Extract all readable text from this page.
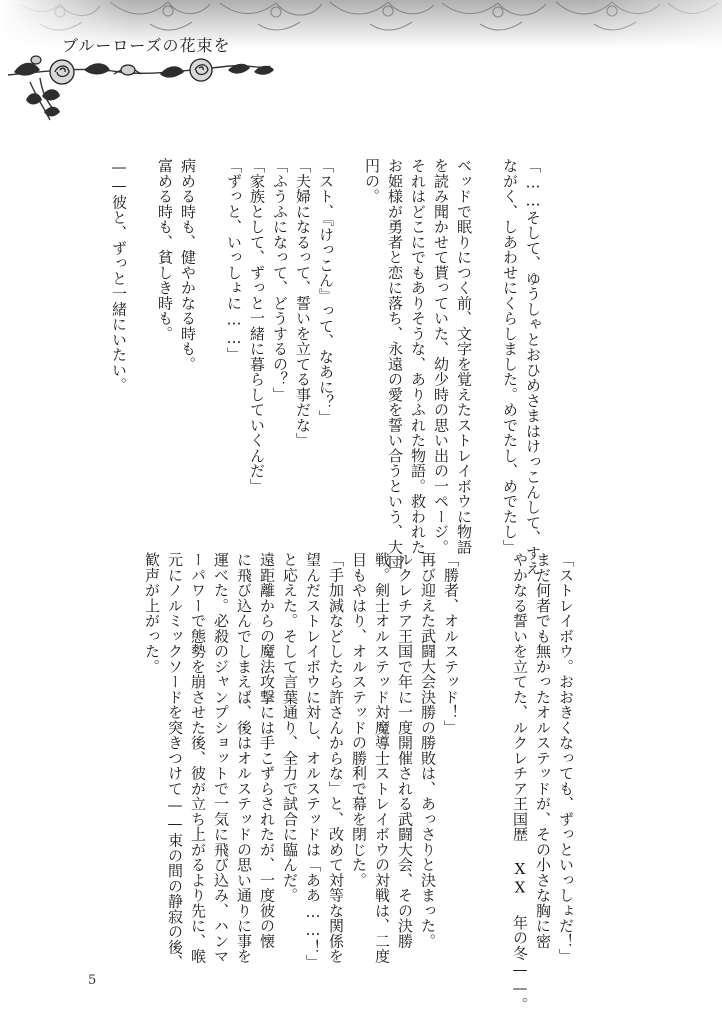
ブルーローズの花束を
「……そして、ゆうしゃとおひめさまはけっこんして、すえ
ながく、しあわせにくらしました。めでたし、めでたし」

ベッドで眠りにつく前、文字を覚えたストレイボウに物語
を読み聞かせて貰っていた、幼少時の思い出の一ページ。
それはどこにでもありそうな、ありふれた物語。救われた
お姫様が勇者と恋に落ち、永遠の愛を誓い合うという、大団
円の。

「スト、『けっこん』って、なあに？」
「夫婦になるって、誓いを立てる事だな」
「ふうふになって、どうするの？」
「家族として、ずっと一緒に暮らしていくんだ」
「ずっと、いっしょに……」

病める時も、健やかなる時も。
富める時も、貧しき時も。

——彼と、ずっと一緒にいたい。
「ストレイボウ。おおきくなっても、ずっといっしょだ！」
まだ何者でも無かったオルステッドが、その小さな胸に密
やかなる誓いを立てた、ルクレチア王国歴 XX 年の冬——。

「勝者、オルステッド！」
再び迎えた武闘大会決勝の勝敗は、あっさりと決まった。
ルクレチア王国で年に一度開催される武闘大会、その決勝
戦。剣士オルステッド対魔導士ストレイボウの対戦は、二度
目もやはり、オルステッドの勝利で幕を閉じた。
「手加減などしたら許さんからな」と、改めて対等な関係を
望んだストレイボウに対し、オルステッドは「ああ……！」
と応えた。そして言葉通り、全力で試合に臨んだ。
遠距離からの魔法攻撃には手こずらされたが、一度彼の懐
に飛び込んでしまえば、後はオルステッドの思い通りに事を
運べた。必殺のジャンプショットで一気に飛び込み、ハンマ
ーパワーで態勢を崩させた後、彼が立ち上がるより先に、喉
元にノルミックソードを突きつけて——束の間の静寂の後、
歓声が上がった。
5
